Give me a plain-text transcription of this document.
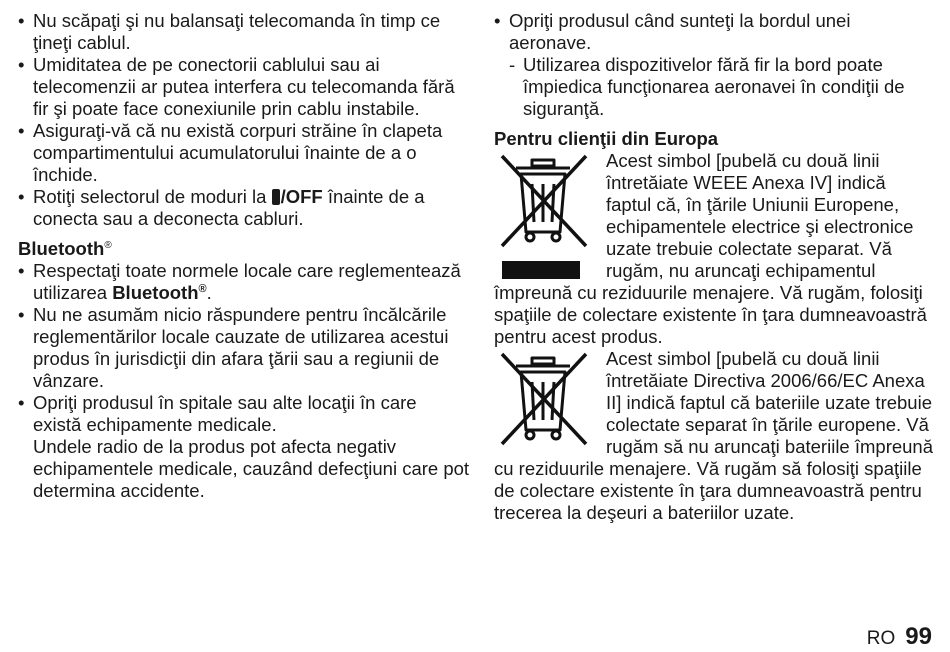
• Nu scăpaţi şi nu balansaţi telecomanda în timp ce ţineţi cablul.
• Umiditatea de pe conectorii cablului sau ai telecomenzii ar putea interfera cu telecomanda fără fir şi poate face conexiunile prin cablu instabile.
• Asiguraţi-vă că nu există corpuri străine în clapeta compartimentului acumulatorului înainte de a o închide.
• Rotiţi selectorul de moduri la /OFF înainte de a conecta sau a deconecta cabluri.
Bluetooth®
• Respectaţi toate normele locale care reglementează utilizarea Bluetooth®.
• Nu ne asumăm nicio răspundere pentru încălcările reglementărilor locale cauzate de utilizarea acestui produs în jurisdicţii din afara ţării sau a regiunii de vânzare.
• Opriţi produsul în spitale sau alte locaţii în care există echipamente medicale.
Undele radio de la produs pot afecta negativ echipamentele medicale, cauzând defecţiuni care pot determina accidente.
• Opriţi produsul când sunteţi la bordul unei aeronave.
- Utilizarea dispozitivelor fără fir la bord poate împiedica funcţionarea aeronavei în condiţii de siguranţă.
Pentru clienţii din Europa
Acest simbol [pubelă cu două linii întretăiate WEEE Anexa IV] indică faptul că, în ţările Uniunii Europene, echipamentele electrice şi electronice uzate trebuie colectate separat. Vă rugăm, nu aruncaţi echipamentul împreună cu reziduurile menajere. Vă rugăm, folosiţi spaţiile de colectare existente în ţara dumneavoastră pentru acest produs.
Acest simbol [pubelă cu două linii întretăiate Directiva 2006/66/EC Anexa II] indică faptul că bateriile uzate trebuie colectate separat în ţările europene. Vă rugăm să nu aruncaţi bateriile împreună cu reziduurile menajere. Vă rugăm să folosiţi spaţiile de colectare existente în ţara dumneavoastră pentru trecerea la deşeuri a bateriilor uzate.
RO 99
